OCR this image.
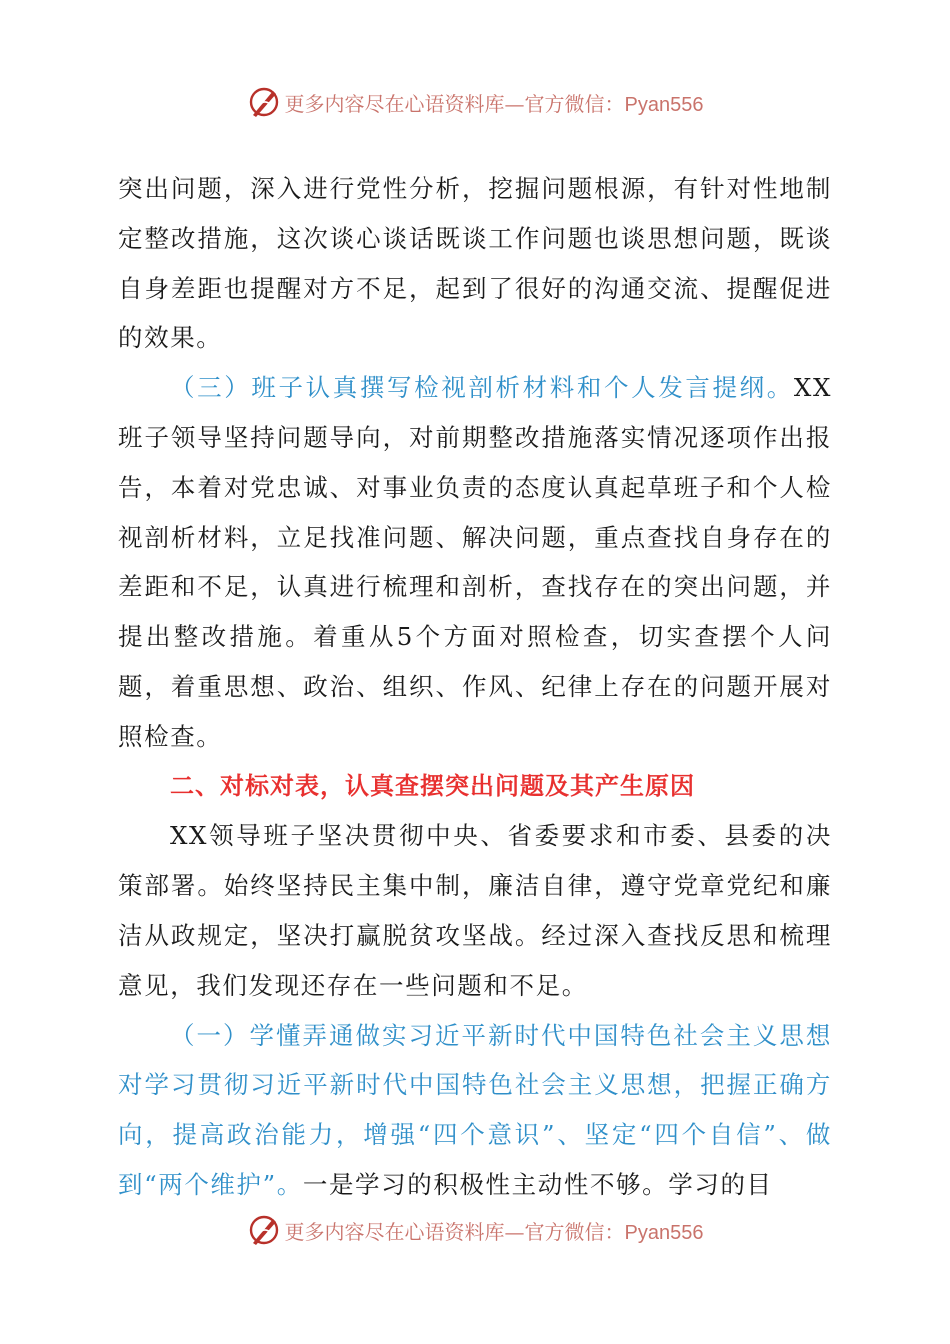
更多内容尽在心语资料库—官方微信：Pyan556

突出问题，深入进行党性分析，挖掘问题根源，有针对性地制定整改措施，这次谈心谈话既谈工作问题也谈思想问题，既谈自身差距也提醒对方不足，起到了很好的沟通交流、提醒促进的效果。

（三）班子认真撰写检视剖析材料和个人发言提纲。XX班子领导坚持问题导向，对前期整改措施落实情况逐项作出报告，本着对党忠诚、对事业负责的态度认真起草班子和个人检视剖析材料，立足找准问题、解决问题，重点查找自身存在的差距和不足，认真进行梳理和剖析，查找存在的突出问题，并提出整改措施。着重从5个方面对照检查，切实查摆个人问题，着重思想、政治、组织、作风、纪律上存在的问题开展对照检查。

二、对标对表，认真查摆突出问题及其产生原因

XX领导班子坚决贯彻中央、省委要求和市委、县委的决策部署。始终坚持民主集中制，廉洁自律，遵守党章党纪和廉洁从政规定，坚决打赢脱贫攻坚战。经过深入查找反思和梳理意见，我们发现还存在一些问题和不足。

（一）学懂弄通做实习近平新时代中国特色社会主义思想对学习贯彻习近平新时代中国特色社会主义思想，把握正确方向，提高政治能力，增强“四个意识”、坚定“四个自信”、做到“两个维护”。一是学习的积极性主动性不够。学习的目

更多内容尽在心语资料库—官方微信：Pyan556
